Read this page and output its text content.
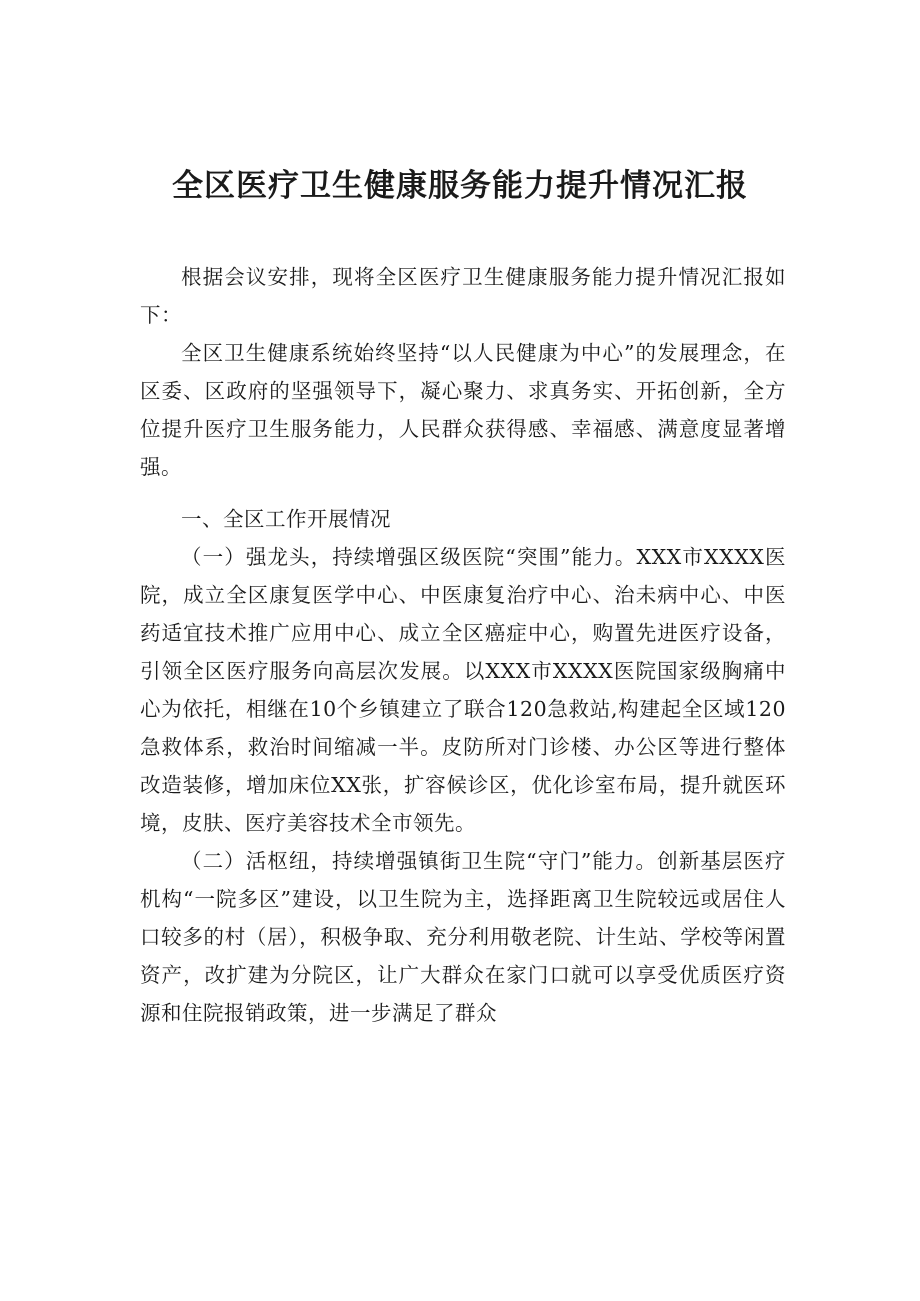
全区医疗卫生健康服务能力提升情况汇报

根据会议安排，现将全区医疗卫生健康服务能力提升情况汇报如下：

全区卫生健康系统始终坚持“以人民健康为中心”的发展理念，在区委、区政府的坚强领导下，凝心聚力、求真务实、开拓创新，全方位提升医疗卫生服务能力，人民群众获得感、幸福感、满意度显著增强。

一、全区工作开展情况

（一）强龙头，持续增强区级医院“突围”能力。XXX市XXXX医院，成立全区康复医学中心、中医康复治疗中心、治未病中心、中医药适宜技术推广应用中心、成立全区癌症中心，购置先进医疗设备，引领全区医疗服务向高层次发展。以XXX市XXXX医院国家级胸痛中心为依托，相继在10个乡镇建立了联合120急救站,构建起全区域120急救体系，救治时间缩减一半。皮防所对门诊楼、办公区等进行整体改造装修，增加床位XX张，扩容候诊区，优化诊室布局，提升就医环境，皮肤、医疗美容技术全市领先。

（二）活枢纽，持续增强镇街卫生院“守门”能力。创新基层医疗机构“一院多区”建设，以卫生院为主，选择距离卫生院较远或居住人口较多的村（居），积极争取、充分利用敬老院、计生站、学校等闲置资产，改扩建为分院区，让广大群众在家门口就可以享受优质医疗资源和住院报销政策，进一步满足了群众
